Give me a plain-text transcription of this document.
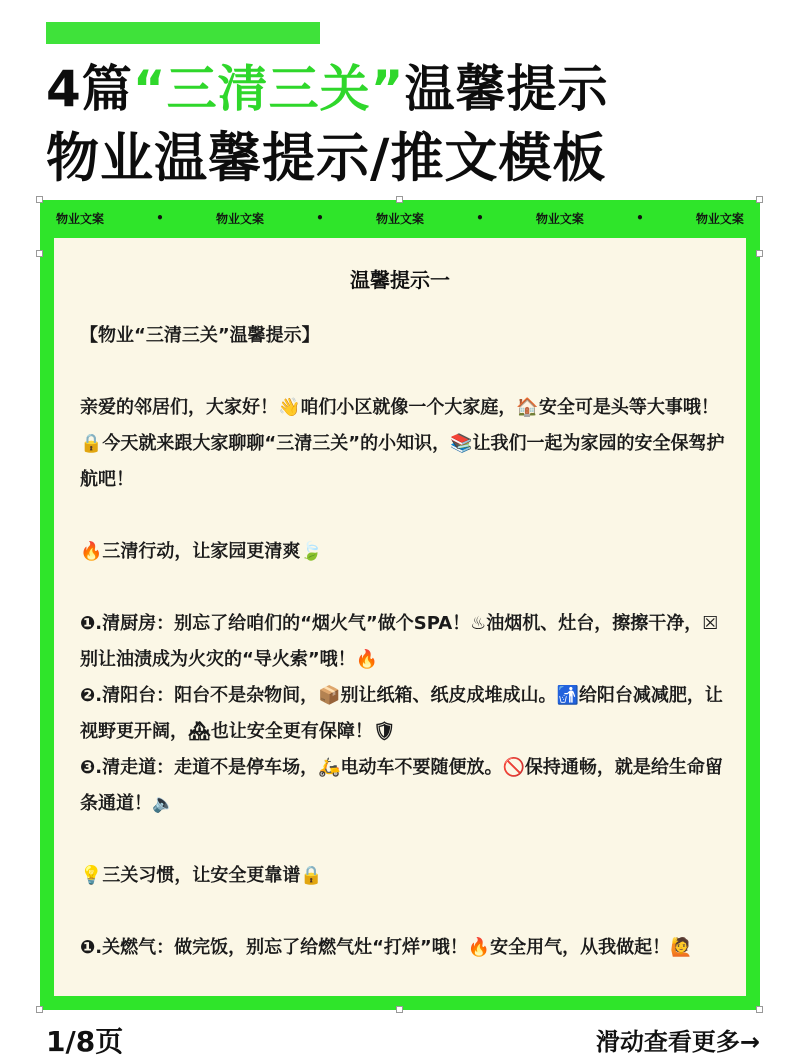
4篇“三清三关”温馨提示
物业温馨提示/推文模板
物业文案	•	物业文案	•	物业文案	•	物业文案	•	物业文案
温馨提示一

【物业“三清三关”温馨提示】

亲爱的邻居们，大家好！👋咱们小区就像一个大家庭，🏠安全可是头等大事哦！🔒今天就来跟大家聊聊“三清三关”的小知识，📚让我们一起为家园的安全保驾护航吧！

🔥三清行动，让家园更清爽🍃

❶.清厨房：别忘了给咱们的“烟火气”做个SPA！♨油烟机、灶台，擦擦干净，☒别让油渍成为火灾的“导火索”哦！🔥

❷.清阳台：阳台不是杂物间，📦别让纸箱、纸皮成堆成山。🚮给阳台减减肥，让视野更开阔，🏘也让安全更有保障！🛡

❸.清走道：走道不是停车场，🛵电动车不要随便放。🚫保持通畅，就是给生命留条通道！🔈

💡三关习惯，让安全更靠谱🔒

❶.关燃气：做完饭，别忘了给燃气灶“打烊”哦！🔥安全用气，从我做起！🙋

1/8页	滑动查看更多→
